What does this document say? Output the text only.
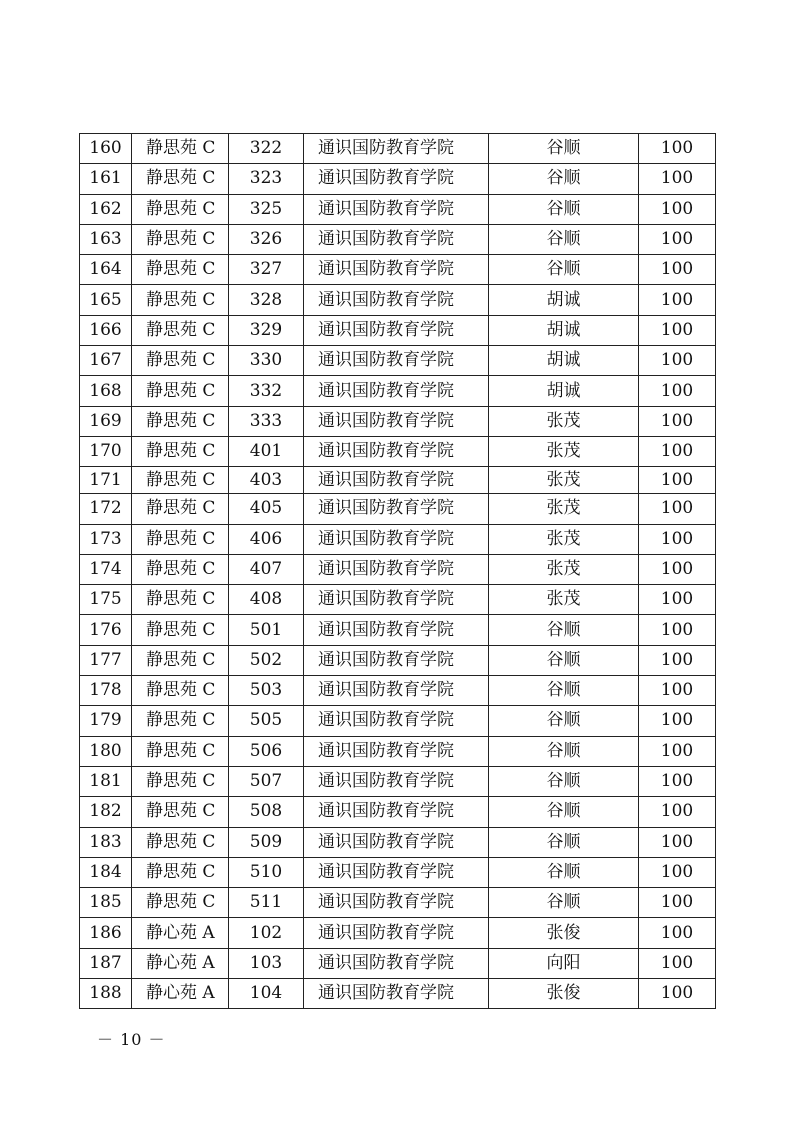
160	静思苑 C	322	通识国防教育学院	谷顺	100
161	静思苑 C	323	通识国防教育学院	谷顺	100
162	静思苑 C	325	通识国防教育学院	谷顺	100
163	静思苑 C	326	通识国防教育学院	谷顺	100
164	静思苑 C	327	通识国防教育学院	谷顺	100
165	静思苑 C	328	通识国防教育学院	胡诚	100
166	静思苑 C	329	通识国防教育学院	胡诚	100
167	静思苑 C	330	通识国防教育学院	胡诚	100
168	静思苑 C	332	通识国防教育学院	胡诚	100
169	静思苑 C	333	通识国防教育学院	张茂	100
170	静思苑 C	401	通识国防教育学院	张茂	100
171	静思苑 C	403	通识国防教育学院	张茂	100
172	静思苑 C	405	通识国防教育学院	张茂	100
173	静思苑 C	406	通识国防教育学院	张茂	100
174	静思苑 C	407	通识国防教育学院	张茂	100
175	静思苑 C	408	通识国防教育学院	张茂	100
176	静思苑 C	501	通识国防教育学院	谷顺	100
177	静思苑 C	502	通识国防教育学院	谷顺	100
178	静思苑 C	503	通识国防教育学院	谷顺	100
179	静思苑 C	505	通识国防教育学院	谷顺	100
180	静思苑 C	506	通识国防教育学院	谷顺	100
181	静思苑 C	507	通识国防教育学院	谷顺	100
182	静思苑 C	508	通识国防教育学院	谷顺	100
183	静思苑 C	509	通识国防教育学院	谷顺	100
184	静思苑 C	510	通识国防教育学院	谷顺	100
185	静思苑 C	511	通识国防教育学院	谷顺	100
186	静心苑 A	102	通识国防教育学院	张俊	100
187	静心苑 A	103	通识国防教育学院	向阳	100
188	静心苑 A	104	通识国防教育学院	张俊	100
－ 10 －
